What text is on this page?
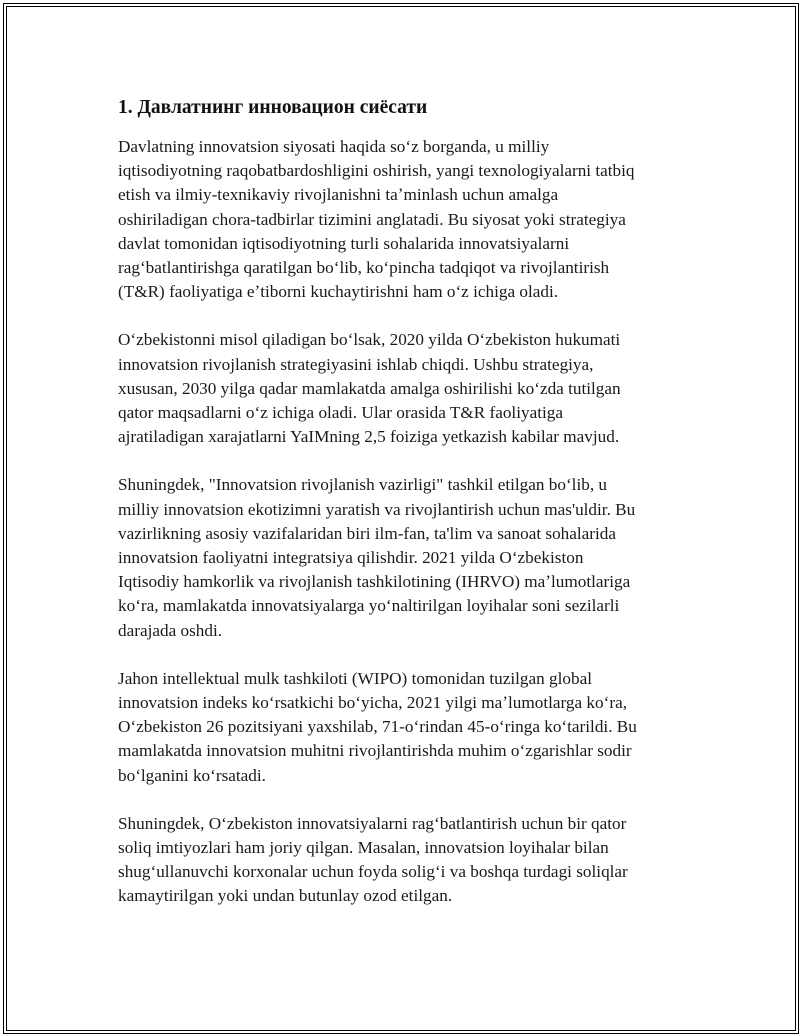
1. Давлатнинг инновацион сиёсати

Davlatning innovatsion siyosati haqida soʻz borganda, u milliy
iqtisodiyotning raqobatbardoshligini oshirish, yangi texnologiyalarni tatbiq
etish va ilmiy-texnikaviy rivojlanishni taʼminlash uchun amalga
oshiriladigan chora-tadbirlar tizimini anglatadi. Bu siyosat yoki strategiya
davlat tomonidan iqtisodiyotning turli sohalarida innovatsiyalarni
ragʻbatlantirishga qaratilgan boʻlib, koʻpincha tadqiqot va rivojlantirish
(T&R) faoliyatiga eʼtiborni kuchaytirishni ham oʻz ichiga oladi.

Oʻzbekistonni misol qiladigan boʻlsak, 2020 yilda Oʻzbekiston hukumati
innovatsion rivojlanish strategiyasini ishlab chiqdi. Ushbu strategiya,
xususan, 2030 yilga qadar mamlakatda amalga oshirilishi koʻzda tutilgan
qator maqsadlarni oʻz ichiga oladi. Ular orasida T&R faoliyatiga
ajratiladigan xarajatlarni YaIMning 2,5 foiziga yetkazish kabilar mavjud.

Shuningdek, "Innovatsion rivojlanish vazirligi" tashkil etilgan boʻlib, u
milliy innovatsion ekotizimni yaratish va rivojlantirish uchun mas'uldir. Bu
vazirlikning asosiy vazifalaridan biri ilm-fan, ta'lim va sanoat sohalarida
innovatsion faoliyatni integratsiya qilishdir. 2021 yilda Oʻzbekiston
Iqtisodiy hamkorlik va rivojlanish tashkilotining (IHRVO) maʼlumotlariga
koʻra, mamlakatda innovatsiyalarga yoʻnaltirilgan loyihalar soni sezilarli
darajada oshdi.

Jahon intellektual mulk tashkiloti (WIPO) tomonidan tuzilgan global
innovatsion indeks koʻrsatkichi boʻyicha, 2021 yilgi maʼlumotlarga koʻra,
Oʻzbekiston 26 pozitsiyani yaxshilab, 71-oʻrindan 45-oʻringa koʻtarildi. Bu
mamlakatda innovatsion muhitni rivojlantirishda muhim oʻzgarishlar sodir
boʻlganini koʻrsatadi.

Shuningdek, Oʻzbekiston innovatsiyalarni ragʻbatlantirish uchun bir qator
soliq imtiyozlari ham joriy qilgan. Masalan, innovatsion loyihalar bilan
shugʻullanuvchi korxonalar uchun foyda soligʻi va boshqa turdagi soliqlar
kamaytirilgan yoki undan butunlay ozod etilgan.
